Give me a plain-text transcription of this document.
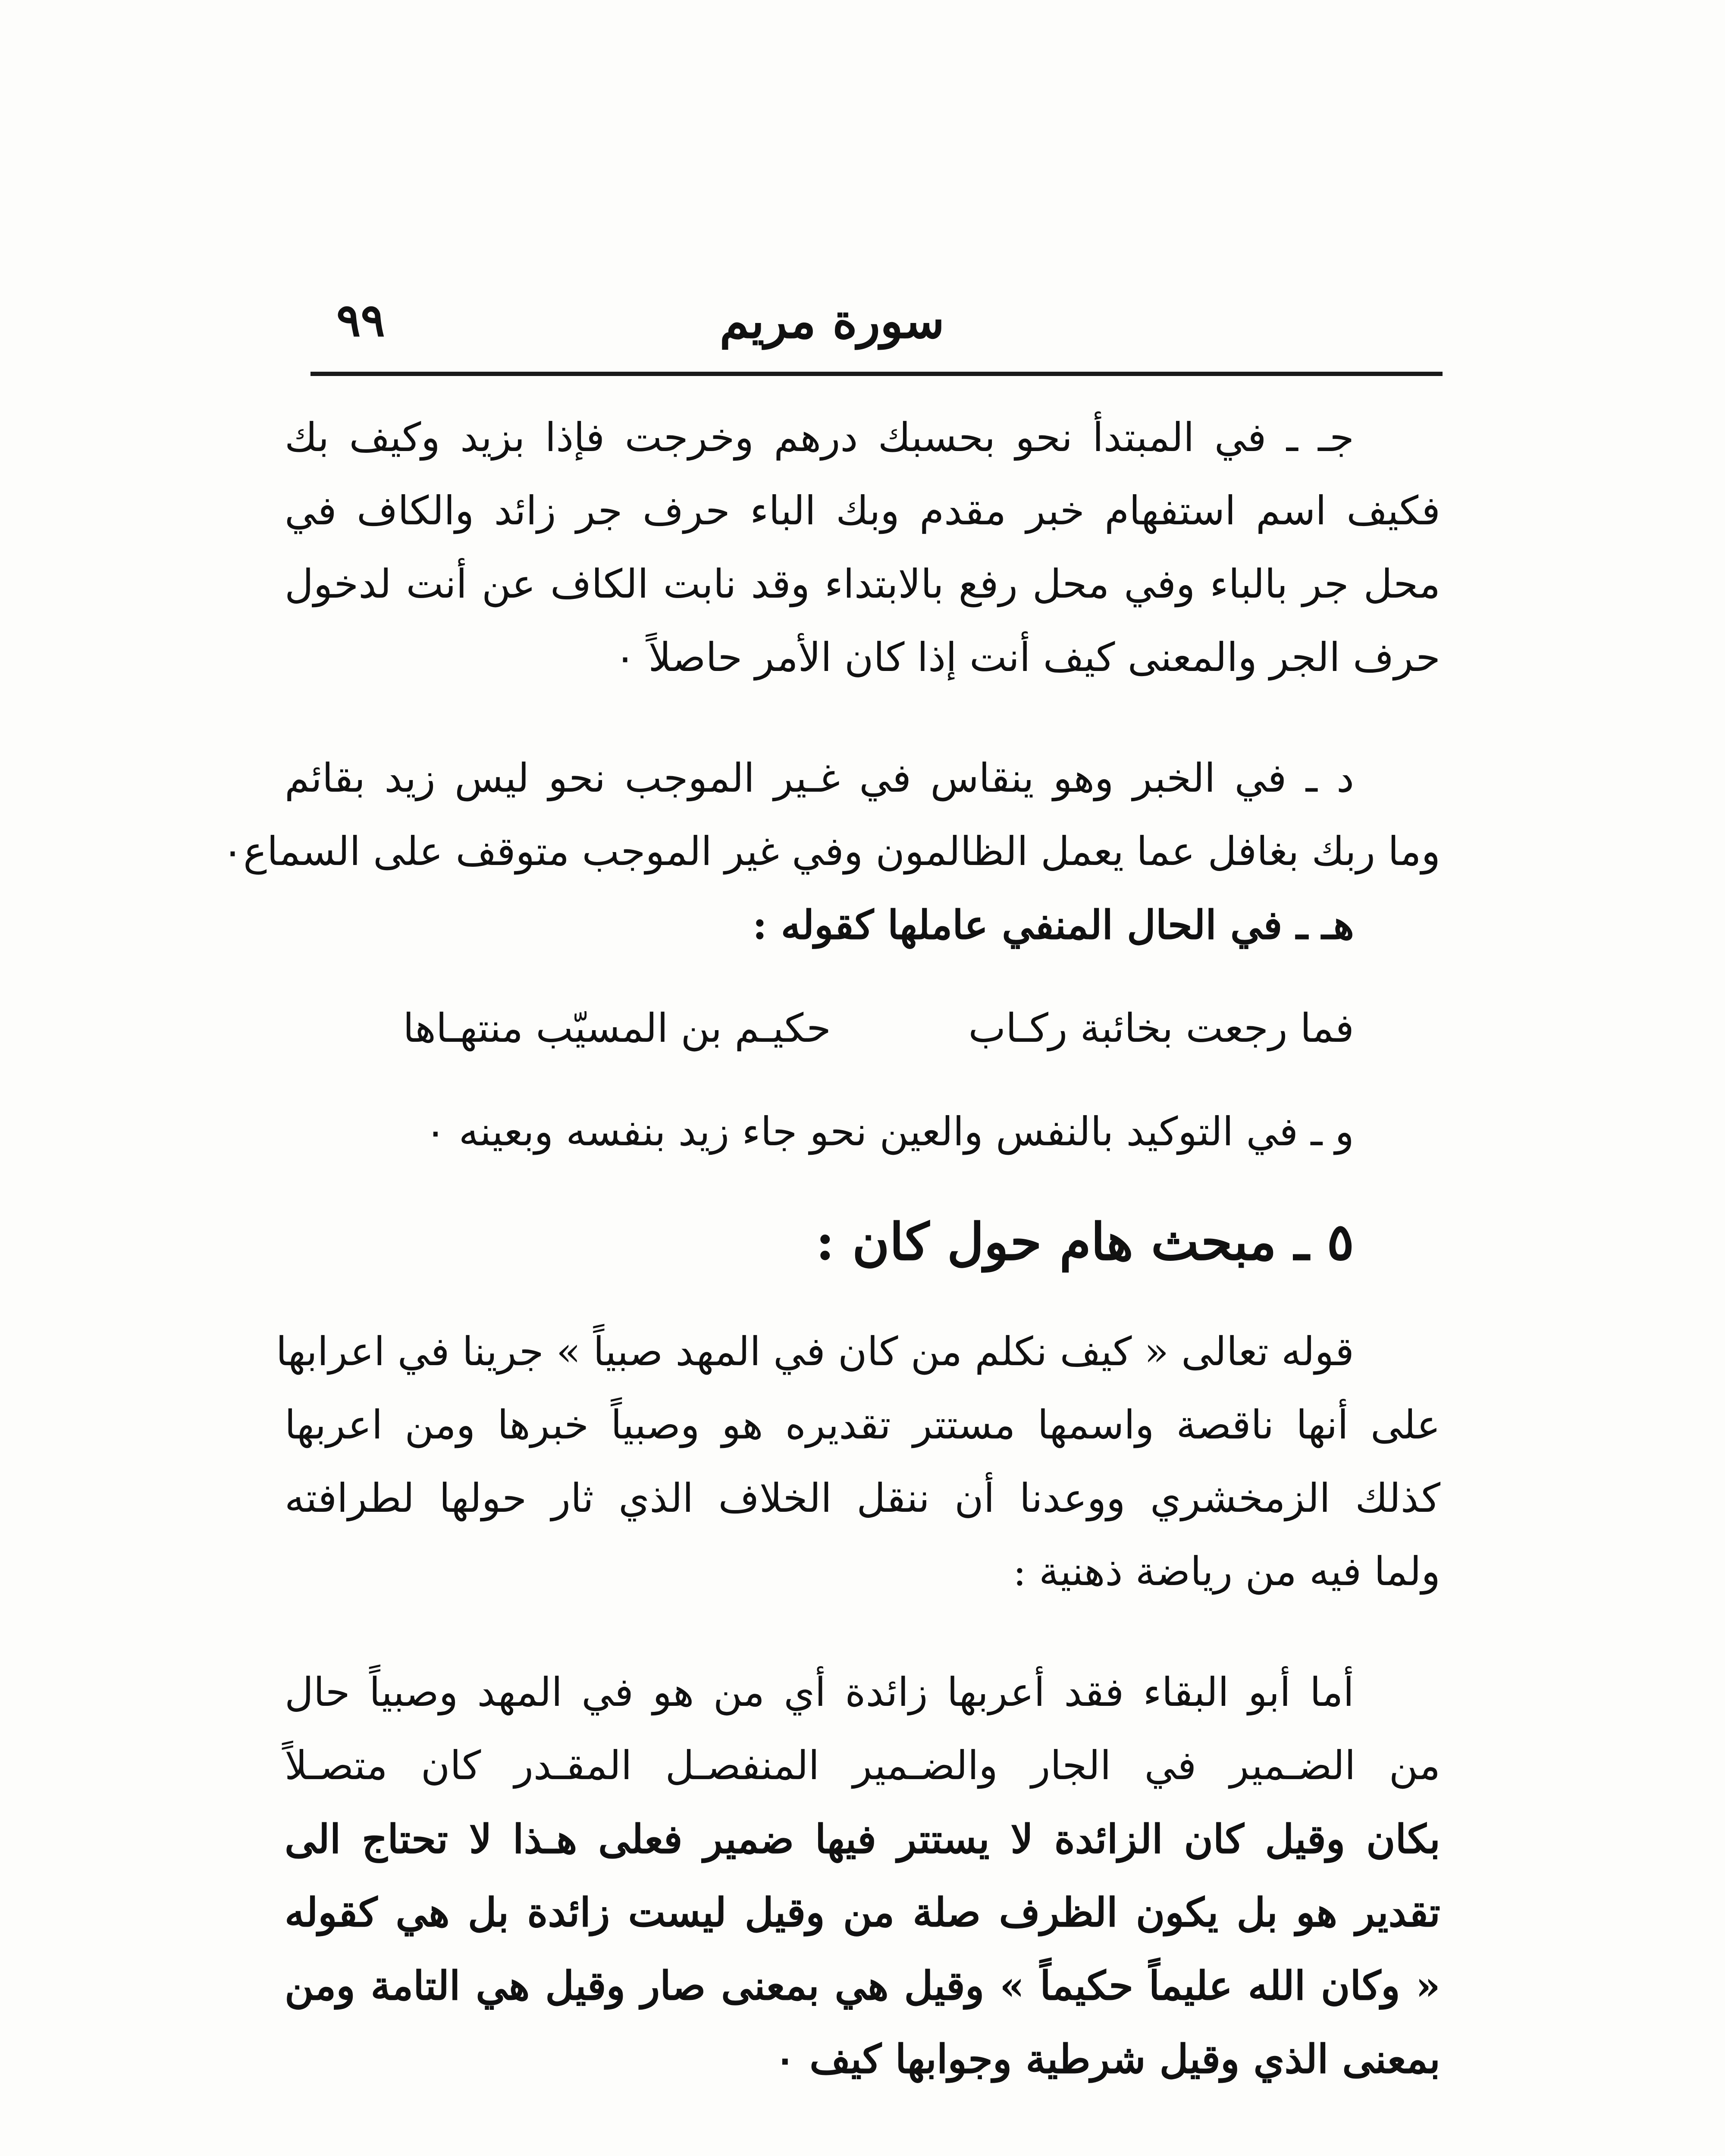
سورة مريم
٩٩
جـ ـ في المبتدأ نحو بحسبك درهم وخرجت فإذا بزيد وكيف بك
فكيف اسم استفهام خبر مقدم وبك الباء حرف جر زائد والكاف في
محل جر بالباء وفي محل رفع بالابتداء وقد نابت الكاف عن أنت لدخول
حرف الجر والمعنى كيف أنت إذا كان الأمر حاصلاً ٠
د ـ في الخبر وهو ينقاس في غـير الموجب نحو ليس زيد بقائم
وما ربك بغافل عما يعمل الظالمون وفي غير الموجب متوقف على السماع٠
هـ ـ في الحال المنفي عاملها كقوله :
فما رجعت بخائبة ركـاب  حكيـم بن المسيّب منتهـاها
و ـ في التوكيد بالنفس والعين نحو جاء زيد بنفسه وبعينه ٠
٥ ـ مبحث هام حول كان :
قوله تعالى « كيف نكلم من كان في المهد صبياً » جرينا في اعرابها
على أنها ناقصة واسمها مستتر تقديره هو وصبياً خبرها ومن اعربها
كذلك الزمخشري ووعدنا أن ننقل الخلاف الذي ثار حولها لطرافته
ولما فيه من رياضة ذهنية :
أما أبو البقاء فقد أعربها زائدة أي من هو في المهد وصبياً حال
من الضـمير في الجار والضـمير المنفصـل المقـدر كان متصـلاً
بكان وقيل كان الزائدة لا يستتر فيها ضمير فعلى هـذا لا تحتاج الى
تقدير هو بل يكون الظرف صلة من وقيل ليست زائدة بل هي كقوله
« وكان الله عليماً حكيماً » وقيل هي بمعنى صار وقيل هي التامة ومن
بمعنى الذي وقيل شرطية وجوابها كيف ٠
